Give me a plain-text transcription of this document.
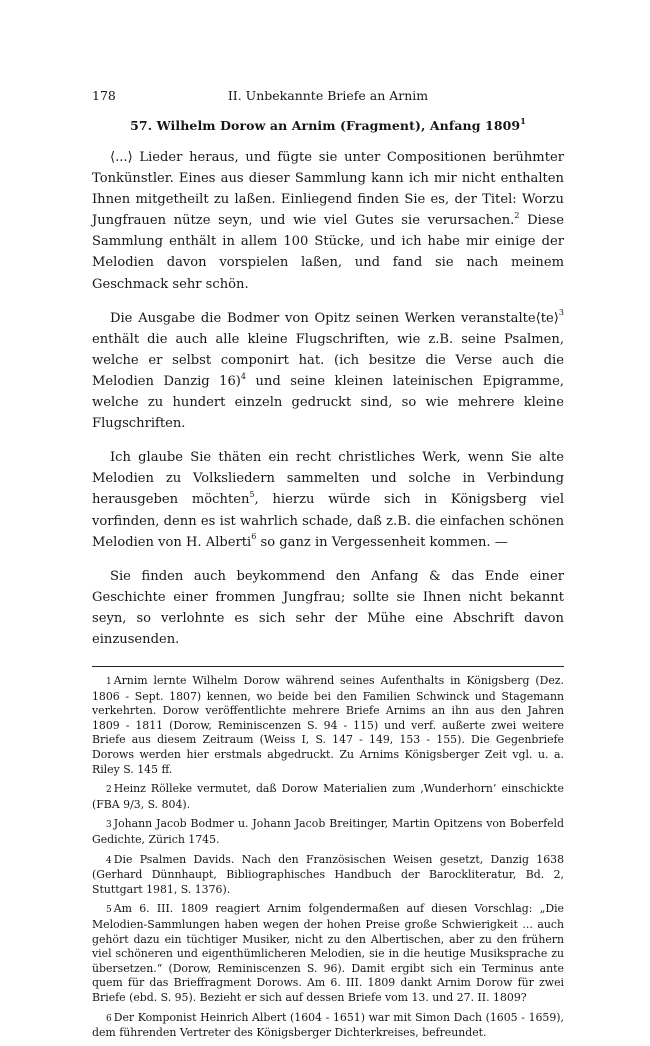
178	II. Unbekannte Briefe an Arnim
57. Wilhelm Dorow an Arnim (Fragment), Anfang 1809$^1$

⟨...⟩ Lieder heraus, und fügte sie unter Compositionen berühmter Tonkünstler. Eines aus dieser Sammlung kann ich mir nicht enthalten Ihnen mitgetheilt zu laßen. Einliegend finden Sie es, der Titel: Worzu Jungfrauen nütze seyn, und wie viel Gutes sie verursachen.$^2$ Diese Sammlung enthält in allem 100 Stücke, und ich habe mir einige der Melodien davon vorspielen laßen, und fand sie nach meinem Geschmack sehr schön.

Die Ausgabe die Bodmer von Opitz seinen Werken veranstalte⟨te⟩$^3$ enthält die auch alle kleine Flugschriften, wie z.B. seine Psalmen, welche er selbst componirt hat. (ich besitze die Verse auch die Melodien Danzig 16)$^4$ und seine kleinen lateinischen Epigramme, welche zu hundert einzeln gedruckt sind, so wie mehrere kleine Flugschriften.

Ich glaube Sie thäten ein recht christliches Werk, wenn Sie alte Melodien zu Volksliedern sammelten und solche in Verbindung herausgeben möchten$^5$, hierzu würde sich in Königsberg viel vorfinden, denn es ist wahrlich schade, daß z.B. die einfachen schönen Melodien von H. Alberti$^6$ so ganz in Vergessenheit kommen. —

Sie finden auch beykommend den Anfang & das Ende einer Geschichte einer frommen Jungfrau; sollte sie Ihnen nicht bekannt seyn, so verlohnte es sich sehr der Mühe eine Abschrift davon einzusenden.

1 Arnim lernte Wilhelm Dorow während seines Aufenthalts in Königsberg (Dez. 1806 - Sept. 1807) kennen, wo beide bei den Familien Schwinck und Stagemann verkehrten. Dorow veröffentlichte mehrere Briefe Arnims an ihn aus den Jahren 1809 - 1811 (Dorow, Reminiscenzen S. 94 - 115) und verf. außerte zwei weitere Briefe aus diesem Zeitraum (Weiss I, S. 147 - 149, 153 - 155). Die Gegenbriefe Dorows werden hier erstmals abgedruckt. Zu Arnims Königsberger Zeit vgl. u. a. Riley S. 145 ff.

2 Heinz Rölleke vermutet, daß Dorow Materialien zum ‚Wunderhorn‘ einschickte (FBA 9/3, S. 804).

3 Johann Jacob Bodmer u. Johann Jacob Breitinger, Martin Opitzens von Boberfeld Gedichte, Zürich 1745.

4 Die Psalmen Davids. Nach den Französischen Weisen gesetzt, Danzig 1638 (Gerhard Dünnhaupt, Bibliographisches Handbuch der Barockliteratur, Bd. 2, Stuttgart 1981, S. 1376).

5 Am 6. III. 1809 reagiert Arnim folgendermaßen auf diesen Vorschlag: „Die Melodien-Sammlungen haben wegen der hohen Preise große Schwierigkeit ... auch gehört dazu ein tüchtiger Musiker, nicht zu den Albertischen, aber zu den frühern viel schöneren und eigenthümlicheren Melodien, sie in die heutige Musiksprache zu übersetzen.“ (Dorow, Reminiscenzen S. 96). Damit ergibt sich ein Terminus ante quem für das Brieffragment Dorows. Am 6. III. 1809 dankt Arnim Dorow für zwei Briefe (ebd. S. 95). Bezieht er sich auf dessen Briefe vom 13. und 27. II. 1809?

6 Der Komponist Heinrich Albert (1604 - 1651) war mit Simon Dach (1605 - 1659), dem führenden Vertreter des Königsberger Dichterkreises, befreundet.
